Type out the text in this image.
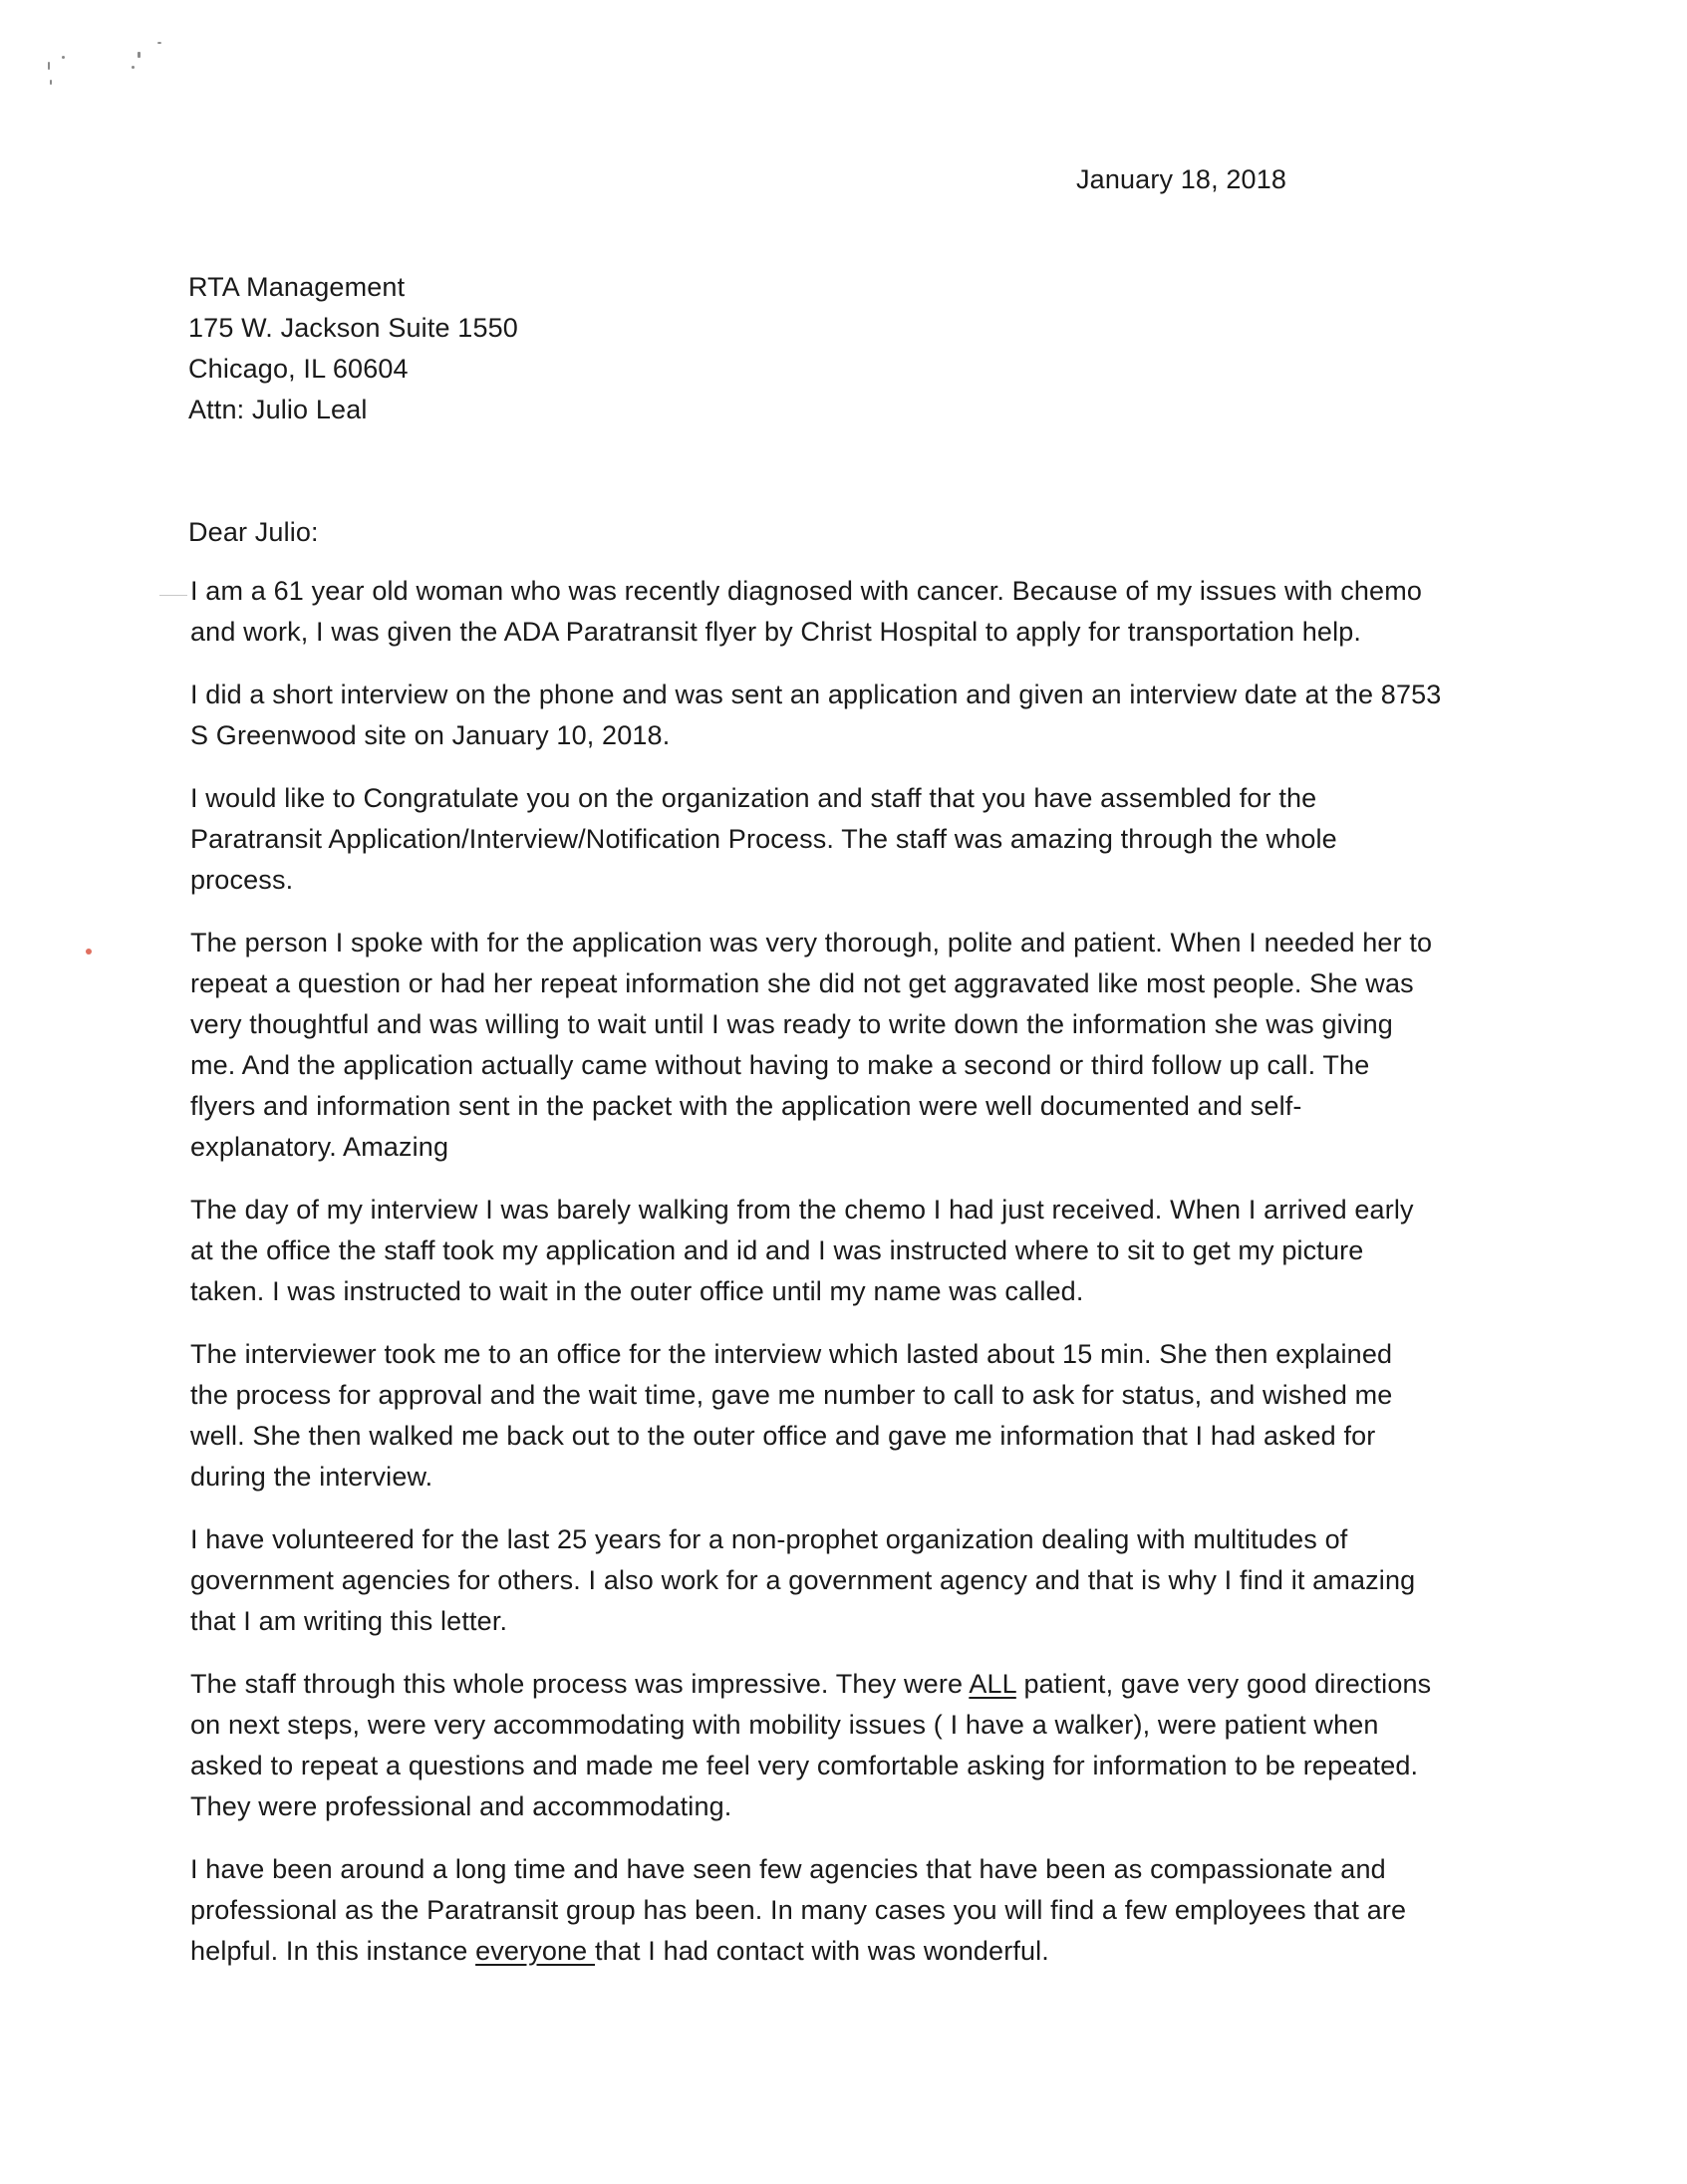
January 18, 2018
RTA Management
175 W. Jackson Suite 1550
Chicago, IL 60604
Attn: Julio Leal
Dear Julio:

I am a 61 year old woman who was recently diagnosed with cancer. Because of my issues with chemo
and work, I was given the ADA Paratransit flyer by Christ Hospital to apply for transportation help.

I did a short interview on the phone and was sent an application and given an interview date at the 8753
S Greenwood site on January 10, 2018.

I would like to Congratulate you on the organization and staff that you have assembled for the
Paratransit Application/Interview/Notification Process. The staff was amazing through the whole
process.

The person I spoke with for the application was very thorough, polite and patient. When I needed her to
repeat a question or had her repeat information she did not get aggravated like most people. She was
very thoughtful and was willing to wait until I was ready to write down the information she was giving
me. And the application actually came without having to make a second or third follow up call. The
flyers and information sent in the packet with the application were well documented and self-
explanatory. Amazing

The day of my interview I was barely walking from the chemo I had just received. When I arrived early
at the office the staff took my application and id and I was instructed where to sit to get my picture
taken. I was instructed to wait in the outer office until my name was called.

The interviewer took me to an office for the interview which lasted about 15 min. She then explained
the process for approval and the wait time, gave me number to call to ask for status, and wished me
well. She then walked me back out to the outer office and gave me information that I had asked for
during the interview.

I have volunteered for the last 25 years for a non-prophet organization dealing with multitudes of
government agencies for others. I also work for a government agency and that is why I find it amazing
that I am writing this letter.

The staff through this whole process was impressive. They were ALL patient, gave very good directions
on next steps, were very accommodating with mobility issues ( I have a walker), were patient when
asked to repeat a questions and made me feel very comfortable asking for information to be repeated.
They were professional and accommodating.

I have been around a long time and have seen few agencies that have been as compassionate and
professional as the Paratransit group has been. In many cases you will find a few employees that are
helpful. In this instance everyone that I had contact with was wonderful.
